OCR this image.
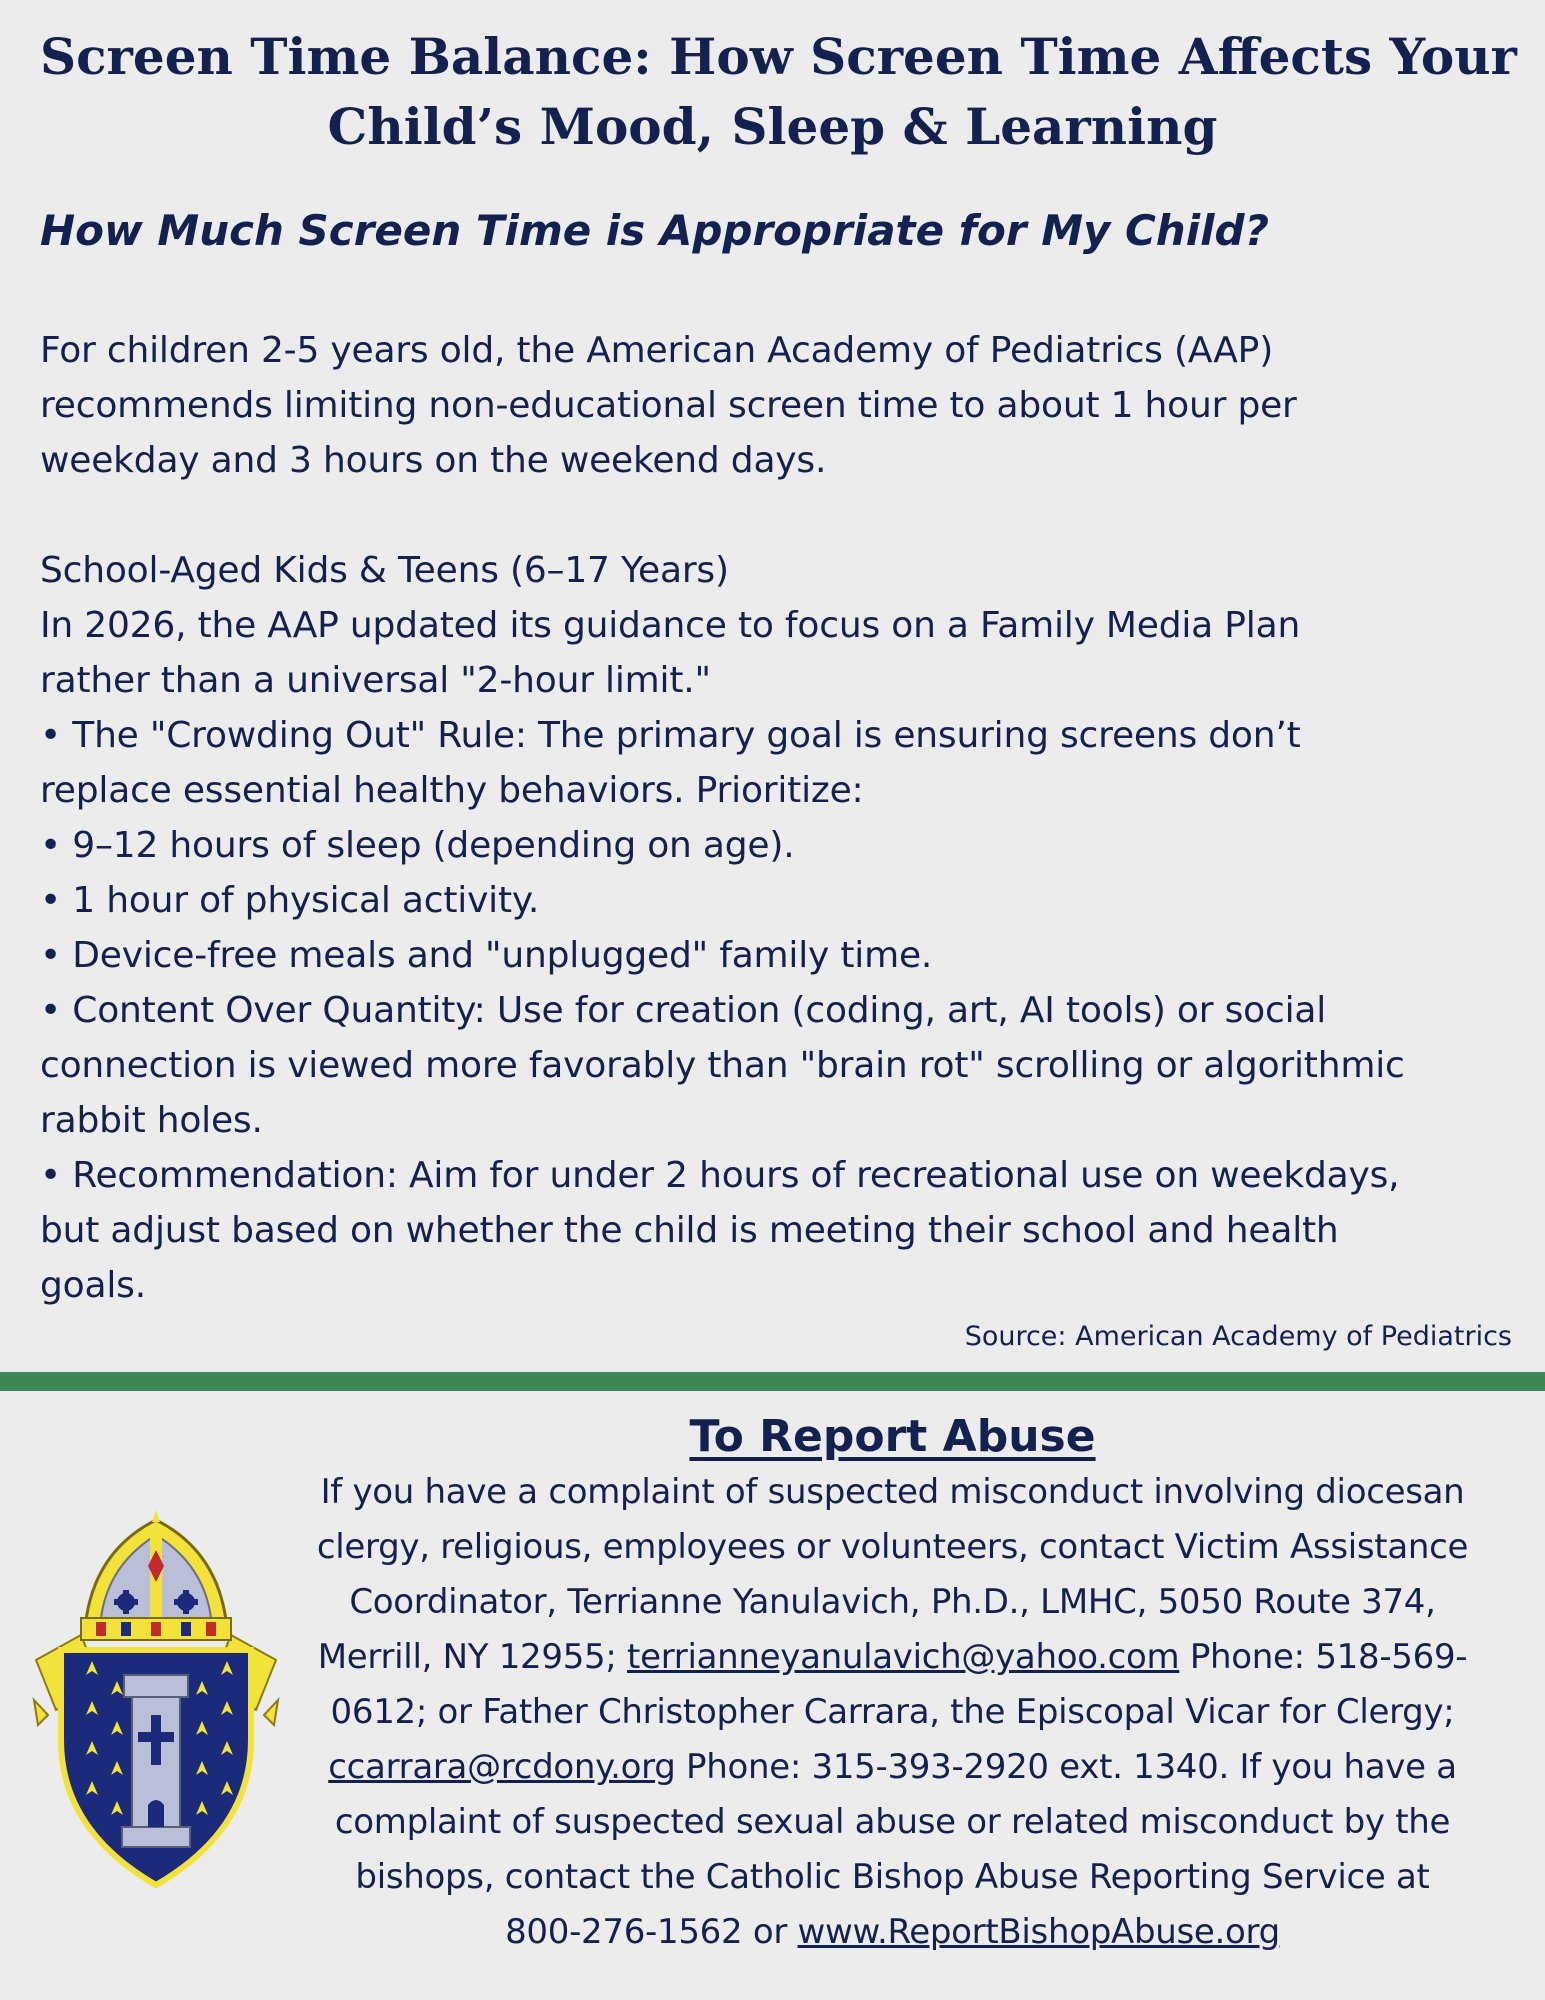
Screen Time Balance: How Screen Time Affects Your
Child’s Mood, Sleep & Learning
How Much Screen Time is Appropriate for My Child?

For children 2-5 years old, the American Academy of Pediatrics (AAP)
recommends limiting non-educational screen time to about 1 hour per
weekday and 3 hours on the weekend days.

School-Aged Kids & Teens (6–17 Years)
In 2026, the AAP updated its guidance to focus on a Family Media Plan
rather than a universal "2-hour limit."
• The "Crowding Out" Rule: The primary goal is ensuring screens don’t
replace essential healthy behaviors. Prioritize:
• 9–12 hours of sleep (depending on age).
• 1 hour of physical activity.
• Device-free meals and "unplugged" family time.
• Content Over Quantity: Use for creation (coding, art, AI tools) or social
connection is viewed more favorably than "brain rot" scrolling or algorithmic
rabbit holes.
• Recommendation: Aim for under 2 hours of recreational use on weekdays,
but adjust based on whether the child is meeting their school and health
goals.

Source: American Academy of Pediatrics

To Report Abuse

If you have a complaint of suspected misconduct involving diocesan
clergy, religious, employees or volunteers, contact Victim Assistance
Coordinator, Terrianne Yanulavich, Ph.D., LMHC, 5050 Route 374,
Merrill, NY 12955; terrianneyanulavich@yahoo.com Phone: 518-569-
0612; or Father Christopher Carrara, the Episcopal Vicar for Clergy;
ccarrara@rcdony.org Phone: 315-393-2920 ext. 1340. If you have a
complaint of suspected sexual abuse or related misconduct by the
bishops, contact the Catholic Bishop Abuse Reporting Service at
800-276-1562 or www.ReportBishopAbuse.org
